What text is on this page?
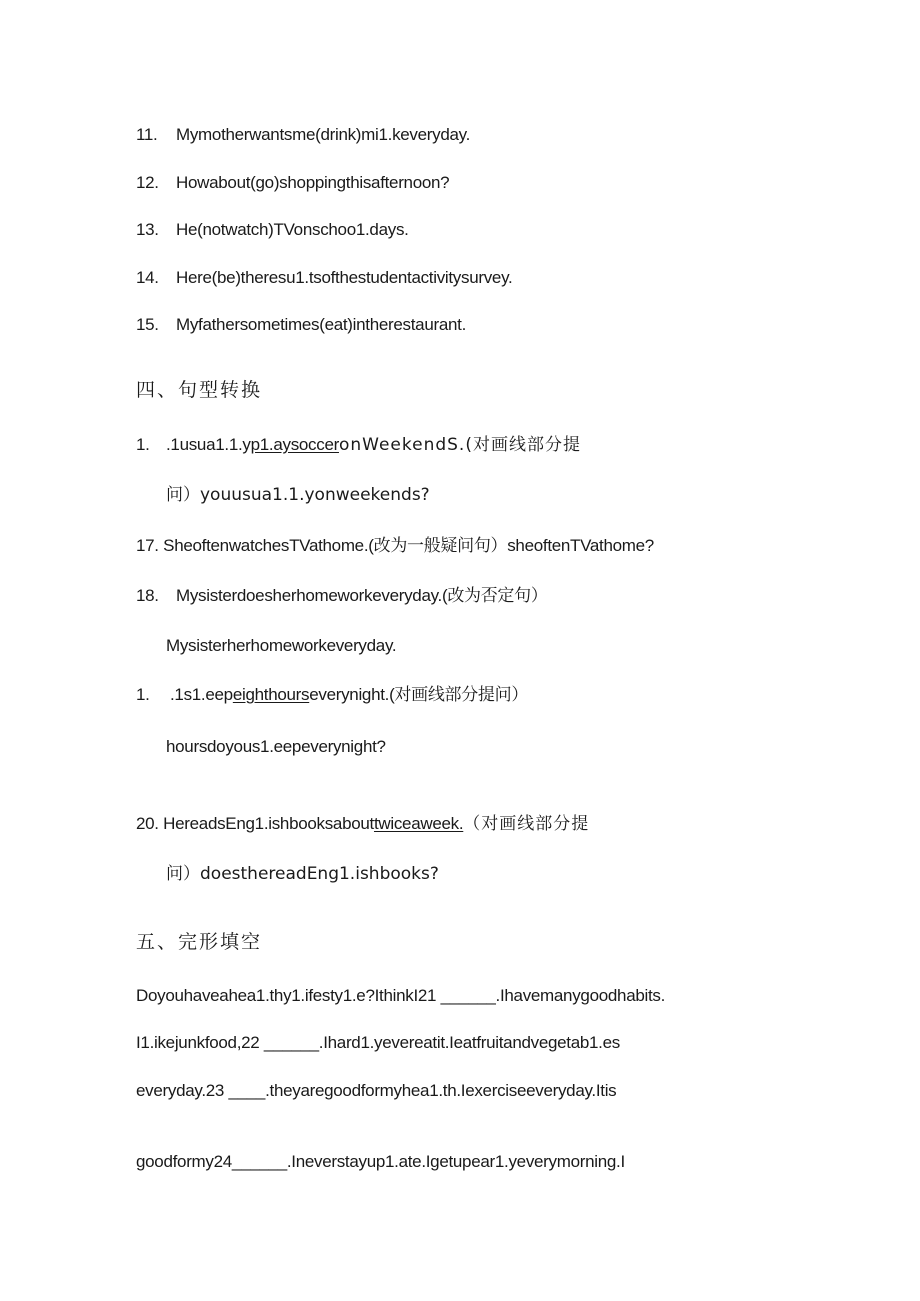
11. Mymotherwantsme(drink)mi1.keveryday.
12. Howabout(go)shoppingthisafternoon?
13. He(notwatch)TVonschoo1.days.
14. Here(be)theresu1.tsofthestudentactivitysurvey.
15. Myfathersometimes(eat)intherestaurant.
四、句型转换
1. .1usua1.1.yp1.aysocceronWeekendS.(对画线部分提
问）youusua1.1.yonweekends?
17. SheoftenwatchesTVathome.(改为一般疑问句）sheoftenTVathome?
18. Mysisterdoesherhomeworkeveryday.(改为否定句）
Mysisterherhomeworkeveryday.
1. .1s1.eepeighthourseverynight.(对画线部分提问）
hoursdoyous1.eepeverynight?
20. HereadsEng1.ishbooksabouttwiceaweek.（对画线部分提
问）doesthereadEng1.ishbooks?
五、完形填空
Doyouhaveahea1.thy1.ifesty1.e?IthinkI21 ______.Ihavemanygoodhabits.
I1.ikejunkfood,22 ______.Ihard1.yevereatit.Ieatfruitandvegetab1.es
everyday.23 ____.theyaregoodformyhea1.th.Iexerciseeveryday.Itis
goodformy24______.Ineverstayup1.ate.Igetupear1.yeverymorning.I
